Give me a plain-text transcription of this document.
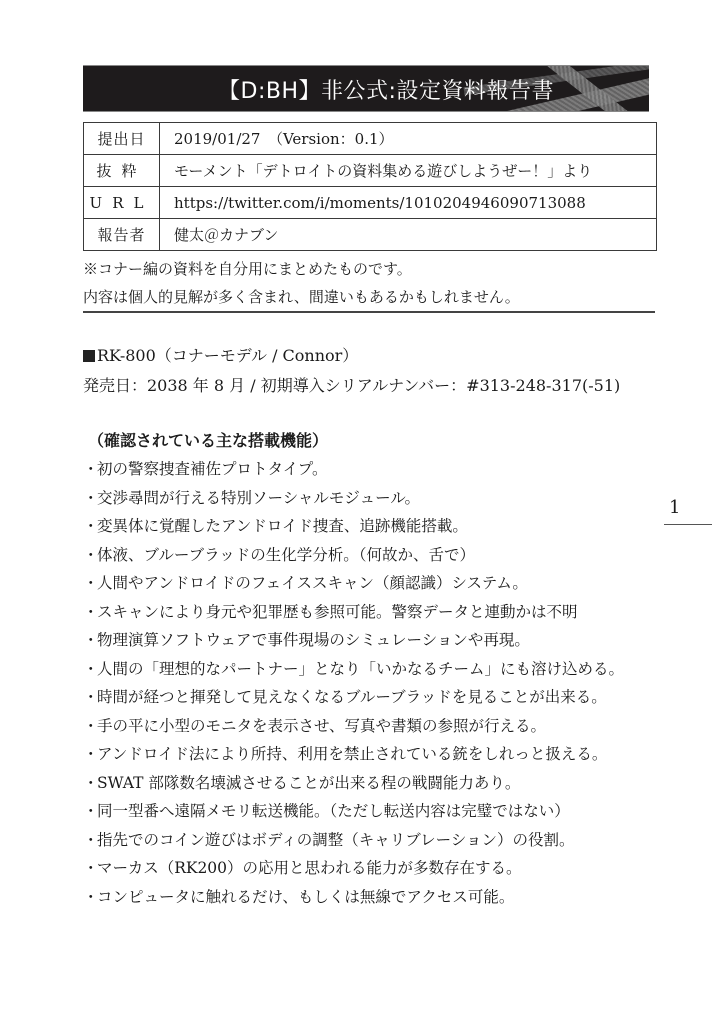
【D:BH】非公式:設定資料報告書
提出日	2019/01/27　（Version：0.1）
抜粋	モーメント「デトロイトの資料集める遊びしようぜー！」より
URL	https://twitter.com/i/moments/1010204946090713088
報告者	健太＠カナブン
※コナー編の資料を自分用にまとめたものです。
内容は個人的見解が多く含まれ、間違いもあるかもしれません。
RK-800（コナーモデル / Connor）
発売日：2038 年 8 月 / 初期導入シリアルナンバー：#313-248-317(-51)
（確認されている主な搭載機能）
・初の警察捜査補佐プロトタイプ。
・交渉尋問が行える特別ソーシャルモジュール。
・変異体に覚醒したアンドロイド捜査、追跡機能搭載。
・体液、ブルーブラッドの生化学分析。（何故か、舌で）
・人間やアンドロイドのフェイススキャン（顔認識）システム。
・スキャンにより身元や犯罪歴も参照可能。警察データと連動かは不明
・物理演算ソフトウェアで事件現場のシミュレーションや再現。
・人間の「理想的なパートナー」となり「いかなるチーム」にも溶け込める。
・時間が経つと揮発して見えなくなるブルーブラッドを見ることが出来る。
・手の平に小型のモニタを表示させ、写真や書類の参照が行える。
・アンドロイド法により所持、利用を禁止されている銃をしれっと扱える。
・SWAT 部隊数名壊滅させることが出来る程の戦闘能力あり。
・同一型番へ遠隔メモリ転送機能。（ただし転送内容は完璧ではない）
・指先でのコイン遊びはボディの調整（キャリブレーション）の役割。
・マーカス（RK200）の応用と思われる能力が多数存在する。
・コンピュータに触れるだけ、もしくは無線でアクセス可能。
1
